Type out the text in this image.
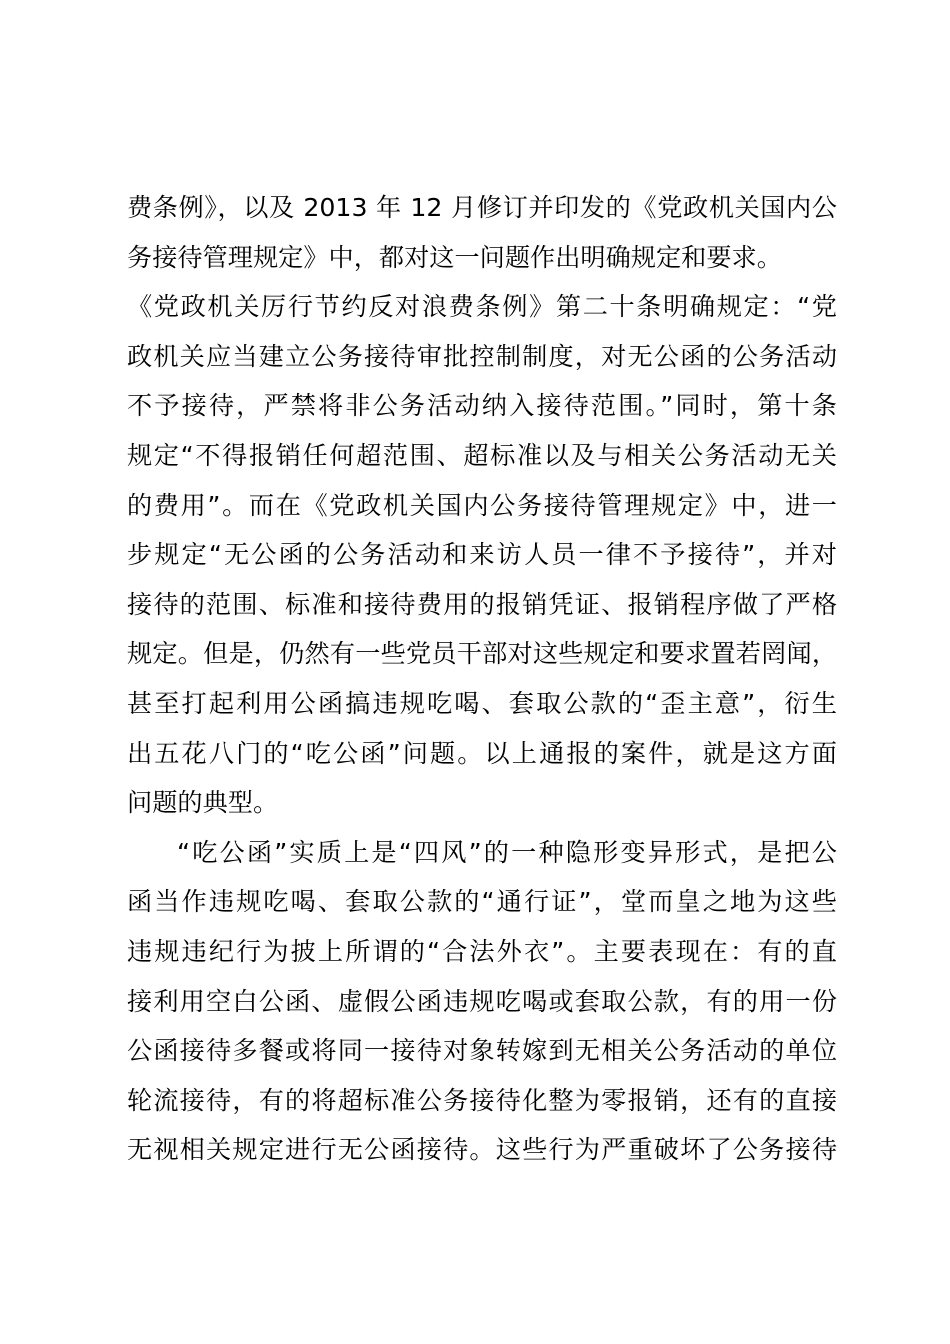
费条例》，以及 2013 年 12 月修订并印发的《党政机关国内公
务接待管理规定》中，都对这一问题作出明确规定和要求。
《党政机关厉行节约反对浪费条例》第二十条明确规定：“党
政机关应当建立公务接待审批控制制度，对无公函的公务活动
不予接待，严禁将非公务活动纳入接待范围。”同时，第十条
规定“不得报销任何超范围、超标准以及与相关公务活动无关
的费用”。而在《党政机关国内公务接待管理规定》中，进一
步规定“无公函的公务活动和来访人员一律不予接待”，并对
接待的范围、标准和接待费用的报销凭证、报销程序做了严格
规定。但是，仍然有一些党员干部对这些规定和要求置若罔闻，
甚至打起利用公函搞违规吃喝、套取公款的“歪主意”，衍生
出五花八门的“吃公函”问题。以上通报的案件，就是这方面
问题的典型。
“吃公函”实质上是“四风”的一种隐形变异形式，是把公
函当作违规吃喝、套取公款的“通行证”，堂而皇之地为这些
违规违纪行为披上所谓的“合法外衣”。主要表现在：有的直
接利用空白公函、虚假公函违规吃喝或套取公款，有的用一份
公函接待多餐或将同一接待对象转嫁到无相关公务活动的单位
轮流接待，有的将超标准公务接待化整为零报销，还有的直接
无视相关规定进行无公函接待。这些行为严重破坏了公务接待
